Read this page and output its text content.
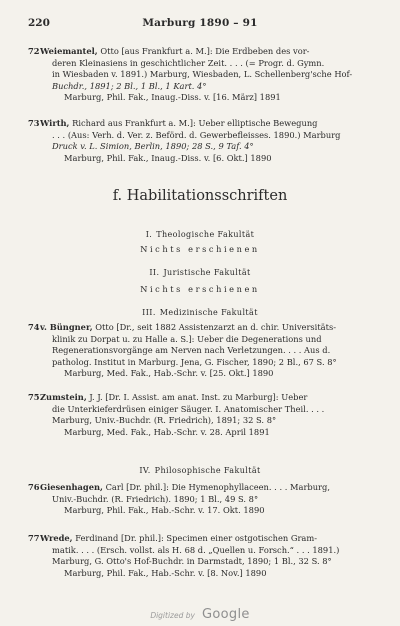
220	Marburg 1890 – 91
72 Weiemantel, Otto [aus Frankfurt a. M.]: Die Erdbeben des vor-
deren Kleinasiens in geschichtlicher Zeit. . . . (= Progr. d. Gymn.
in Wiesbaden v. 1891.) Marburg, Wiesbaden, L. Schellenberg'sche Hof-
Buchdr., 1891; 2 Bl., 1 Bl., 1 Kart. 4°
Marburg, Phil. Fak., Inaug.-Diss. v. [16. März] 1891
73 Wirth, Richard aus Frankfurt a. M.]: Ueber elliptische Bewegung
. . . (Aus: Verh. d. Ver. z. Beförd. d. Gewerbefleisses. 1890.) Marburg
Druck v. L. Simion, Berlin, 1890; 28 S., 9 Taf. 4°
Marburg, Phil. Fak., Inaug.-Diss. v. [6. Okt.] 1890
f. Habilitationsschriften
I. Theologische Fakultät
Nichts erschienen
II. Juristische Fakultät
Nichts erschienen
III. Medizinische Fakultät
74 v. Büngner, Otto [Dr., seit 1882 Assistenzarzt an d. chir. Universitäts-
klinik zu Dorpat u. zu Halle a. S.]: Ueber die Degenerations und
Regenerationsvorgänge am Nerven nach Verletzungen. . . . Aus d.
patholog. Institut in Marburg. Jena, G. Fischer, 1890; 2 Bl., 67 S. 8°
Marburg, Med. Fak., Hab.-Schr. v. [25. Okt.] 1890
75 Zumstein, J. J. [Dr. I. Assist. am anat. Inst. zu Marburg]: Ueber
die Unterkieferdrüsen einiger Säuger. I. Anatomischer Theil. . . .
Marburg, Univ.-Buchdr. (R. Friedrich), 1891; 32 S. 8°
Marburg, Med. Fak., Hab.-Schr. v. 28. April 1891
IV. Philosophische Fakultät
76 Giesenhagen, Carl [Dr. phil.]: Die Hymenophyllaceen. . . . Marburg,
Univ.-Buchdr. (R. Friedrich). 1890; 1 Bl., 49 S. 8°
Marburg, Phil. Fak., Hab.-Schr. v. 17. Okt. 1890
77 Wrede, Ferdinand [Dr. phil.]: Specimen einer ostgotischen Gram-
matik. . . . (Ersch. vollst. als H. 68 d. „Quellen u. Forsch.“ . . . 1891.)
Marburg, G. Otto's Hof-Buchdr. in Darmstadt, 1890; 1 Bl., 32 S. 8°
Marburg, Phil. Fak., Hab.-Schr. v. [8. Nov.] 1890
Digitized by Google
